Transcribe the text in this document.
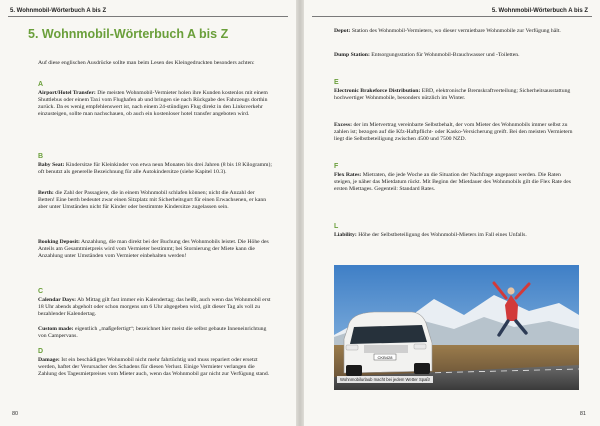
5. Wohnmobil-Wörterbuch A bis Z
5. Wohnmobil-Wörterbuch A bis Z
Auf diese englischen Ausdrücke sollte man beim Lesen des Kleingedruckten besonders achten:
A
Airport/Hotel Transfer: Die meisten Wohnmobil-Vermieter holen ihre Kunden kostenlos mit einem Shuttlebus oder einem Taxi vom Flughafen ab und bringen sie nach Rückgabe des Fahrzeugs dorthin zurück. Da es wenig empfehlenswert ist, nach einem 24-stündigen Flug direkt in den Linksverkehr einzusteigen, sollte man nachschauen, ob auch ein kostenloser hotel transfer angeboten wird.
B
Baby Seat: Kindersitze für Kleinkinder von etwa neun Monaten bis drei Jahren (8 bis 18 Kilogramm); oft benutzt als generelle Bezeichnung für alle Autokindersitze (siehe Kapitel 10.3).
Berth: die Zahl der Passagiere, die in einem Wohnmobil schlafen können; nicht die Anzahl der Betten! Eine berth bedeutet zwar einen Sitzplatz mit Sicherheitsgurt für einen Erwachsenen, er kann aber unter Umständen nicht für Kinder oder bestimmte Kindersitze zugelassen sein.
Booking Deposit: Anzahlung, die man direkt bei der Buchung des Wohnmobils leistet. Die Höhe des Anteils am Gesamtmietpreis wird vom Vermieter bestimmt; bei Stornierung der Miete kann die Anzahlung unter Umständen vom Vermieter einbehalten werden!
C
Calendar Days: Ab Mittag gilt fast immer ein Kalendertag; das heißt, auch wenn das Wohnmobil erst 18 Uhr abends abgeholt oder schon morgens um 6 Uhr abgegeben wird, gilt dieser Tag als voll zu bezahlender Kalendertag.
Custom made: eigentlich „maßgefertigt“; bezeichnet hier meist die selbst gebaute Inneneinrichtung von Campervans.
D
Damage: Ist ein beschädigtes Wohnmobil nicht mehr fahrtüchtig und muss repariert oder ersetzt werden, haftet der Verursacher des Schadens für diesen Verlust. Einige Vermieter verlangen die Zahlung des Tagesmietpreises vom Mieter auch, wenn das Wohnmobil gar nicht zur Verfügung stand.
80
5. Wohnmobil-Wörterbuch A bis Z
Depot: Station des Wohnmobil-Vermieters, wo dieser vermietbare Wohnmobile zur Verfügung hält.
Dump Station: Entsorgungsstation für Wohnmobil-Brauchwasser und -Toiletten.
E
Electronic Brakeforce Distribution: EBD, elektronische Bremskraftverteilung; Sicherheitsausstattung hochwertiger Wohnmobile, besonders nützlich im Winter.
Excess: der im Mietvertrag vereinbarte Selbstbehalt, der vom Mieter des Wohnmobils immer selbst zu zahlen ist; bezogen auf die Kfz-Haftpflicht- oder Kasko-Versicherung greift. Bei den meisten Vermietern liegt die Selbstbeteiligung zwischen 4500 und 7500 NZD.
F
Flex Rates: Mietraten, die jede Woche an die Situation der Nachfrage angepasst werden. Die Raten steigen, je näher das Mietdatum rückt. Mit Beginn der Mietdauer des Wohnmobils gilt die Flex Rate des ersten Miettages. Gegenteil: Standard Rates.
L
Liability: Höhe der Selbstbeteiligung des Wohnmobil-Mieters im Fall eines Unfalls.
CKB428
Wohnmobilurlaub macht bei jedem Wetter Spaß!
81
